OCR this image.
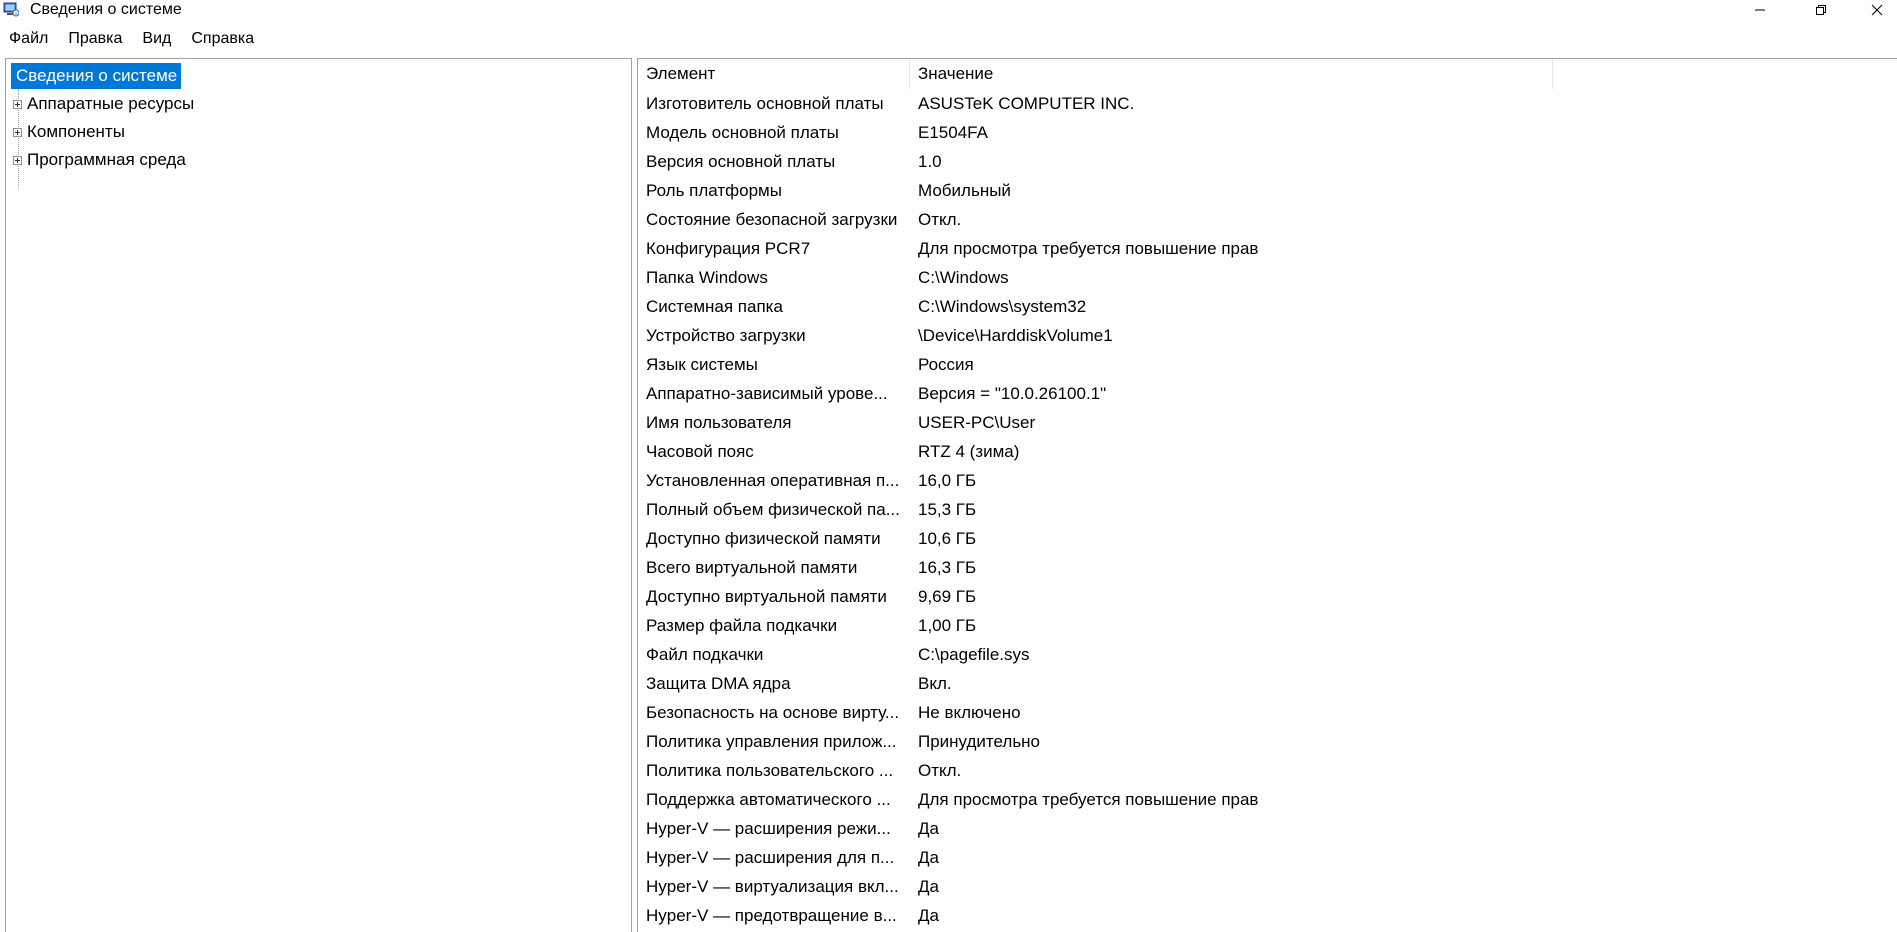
Сведения о системе
Файл	Правка	Вид	Справка
Сведения о системе
Аппаратные ресурсы
Компоненты
Программная среда
Элемент	Значение
Изготовитель основной платы	ASUSTeK COMPUTER INC.
Модель основной платы	E1504FA
Версия основной платы	1.0
Роль платформы	Мобильный
Состояние безопасной загрузки	Откл.
Конфигурация PCR7	Для просмотра требуется повышение прав
Папка Windows	C:\Windows
Системная папка	C:\Windows\system32
Устройство загрузки	\Device\HarddiskVolume1
Язык системы	Россия
Аппаратно-зависимый урове...	Версия = "10.0.26100.1"
Имя пользователя	USER-PC\User
Часовой пояс	RTZ 4 (зима)
Установленная оперативная п...	16,0 ГБ
Полный объем физической па...	15,3 ГБ
Доступно физической памяти	10,6 ГБ
Всего виртуальной памяти	16,3 ГБ
Доступно виртуальной памяти	9,69 ГБ
Размер файла подкачки	1,00 ГБ
Файл подкачки	C:\pagefile.sys
Защита DMA ядра	Вкл.
Безопасность на основе вирту...	Не включено
Политика управления прилож...	Принудительно
Политика пользовательского ...	Откл.
Поддержка автоматического ...	Для просмотра требуется повышение прав
Hyper-V — расширения режи...	Да
Hyper-V — расширения для п...	Да
Hyper-V — виртуализация вкл...	Да
Hyper-V — предотвращение в...	Да
